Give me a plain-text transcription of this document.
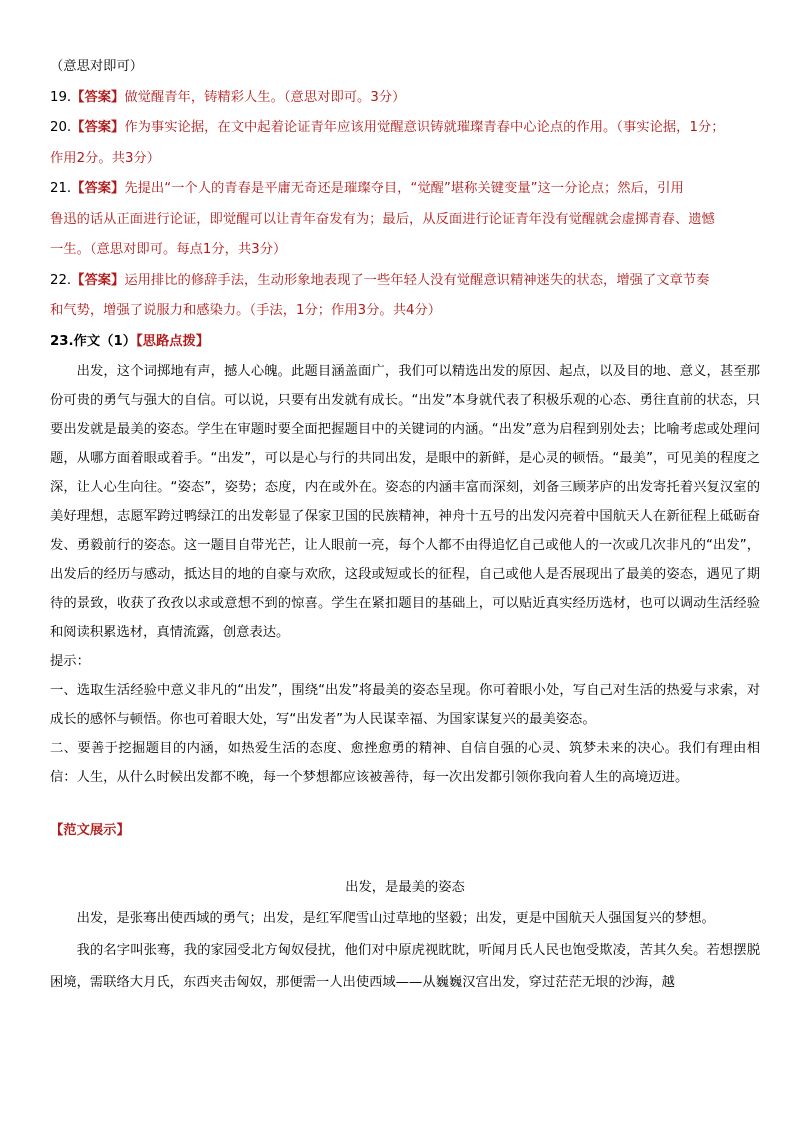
（意思对即可）
19.【答案】做觉醒青年，铸精彩人生。（意思对即可。3分）
20.【答案】作为事实论据，在文中起着论证青年应该用觉醒意识铸就璀璨青春中心论点的作用。（事实论据，1分；
作用2分。共3分）
21.【答案】先提出“一个人的青春是平庸无奇还是璀璨夺目，“觉醒”堪称关键变量”这一分论点；然后，引用
鲁迅的话从正面进行论证，即觉醒可以让青年奋发有为；最后，从反面进行论证青年没有觉醒就会虚掷青春、遗憾
一生。（意思对即可。每点1分，共3分）
22.【答案】运用排比的修辞手法，生动形象地表现了一些年轻人没有觉醒意识精神迷失的状态，增强了文章节奏
和气势，增强了说服力和感染力。（手法，1分；作用3分。共4分）
23.作文（1）【思路点拨】
出发，这个词掷地有声，撼人心魄。此题目涵盖面广，我们可以精选出发的原因、起点，以及目的地、意义，甚至那份可贵的勇气与强大的自信。可以说，只要有出发就有成长。“出发”本身就代表了积极乐观的心态、勇往直前的状态，只要出发就是最美的姿态。学生在审题时要全面把握题目中的关键词的内涵。“出发”意为启程到别处去；比喻考虑或处理问题，从哪方面着眼或着手。“出发”，可以是心与行的共同出发，是眼中的新鲜，是心灵的顿悟。“最美”，可见美的程度之深，让人心生向往。“姿态”，姿势；态度，内在或外在。姿态的内涵丰富而深刻，刘备三顾茅庐的出发寄托着兴复汉室的美好理想，志愿军跨过鸭绿江的出发彰显了保家卫国的民族精神，神舟十五号的出发闪亮着中国航天人在新征程上砥砺奋发、勇毅前行的姿态。这一题目自带光芒，让人眼前一亮，每个人都不由得追忆自己或他人的一次或几次非凡的“出发”，出发后的经历与感动，抵达目的地的自豪与欢欣，这段或短或长的征程，自己或他人是否展现出了最美的姿态，遇见了期待的景致，收获了孜孜以求或意想不到的惊喜。学生在紧扣题目的基础上，可以贴近真实经历选材，也可以调动生活经验和阅读积累选材，真情流露，创意表达。
提示：
一、选取生活经验中意义非凡的“出发”，围绕“出发”将最美的姿态呈现。你可着眼小处，写自己对生活的热爱与求索，对成长的感怀与顿悟。你也可着眼大处，写“出发者”为人民谋幸福、为国家谋复兴的最美姿态。
二、要善于挖掘题目的内涵，如热爱生活的态度、愈挫愈勇的精神、自信自强的心灵、筑梦未来的决心。我们有理由相信：人生，从什么时候出发都不晚，每一个梦想都应该被善待，每一次出发都引领你我向着人生的高境迈进。
【范文展示】
出发，是最美的姿态
出发，是张骞出使西域的勇气；出发，是红军爬雪山过草地的坚毅；出发，更是中国航天人强国复兴的梦想。
我的名字叫张骞，我的家园受北方匈奴侵扰，他们对中原虎视眈眈，听闻月氏人民也饱受欺凌，苦其久矣。若想摆脱困境，需联络大月氏，东西夹击匈奴，那便需一人出使西域——从巍巍汉宫出发，穿过茫茫无垠的沙海，越
